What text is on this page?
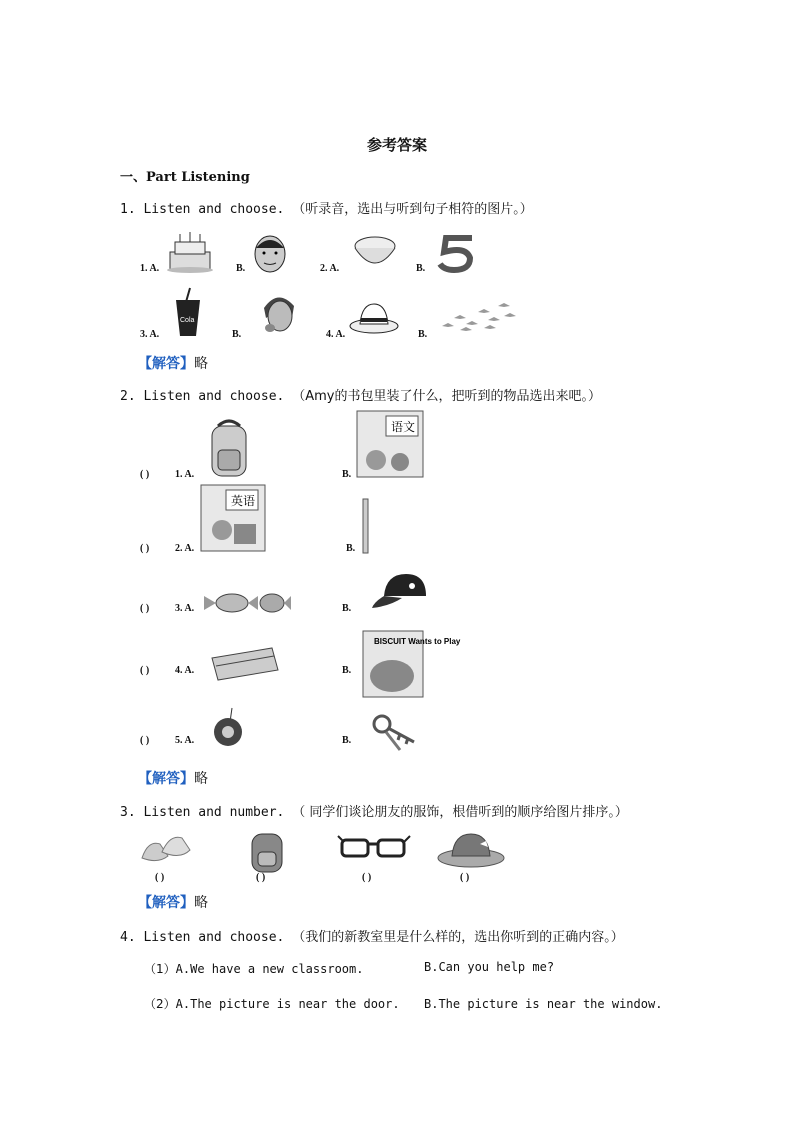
参考答案
一、Part Listening
1. Listen and choose. （听录音，选出与听到句子相符的图片。）
1. A.	B.	2. A.	B.
3. A.
Cola
B.	4. A.	B.
【解答】略
2. Listen and choose. （Amy的书包里装了什么，把听到的物品选出来吧。）
( )	1. A.	B.
语文
( )	2. A.
英语
B.
( )	3. A.	B.
( )	4. A.	B.
BISCUIT Wants to Play
( )	5. A.	B.
【解答】略
3. Listen and number. （ 同学们谈论朋友的服饰，根借听到的顺序给图片排序。）
( )	( )	( )	( )
【解答】略
4. Listen and choose. （我们的新教室里是什么样的，选出你听到的正确内容。）
（1）A.We have a new classroom.	B.Can you help me?
（2）A.The picture is near the door. B.The picture is near the window.
